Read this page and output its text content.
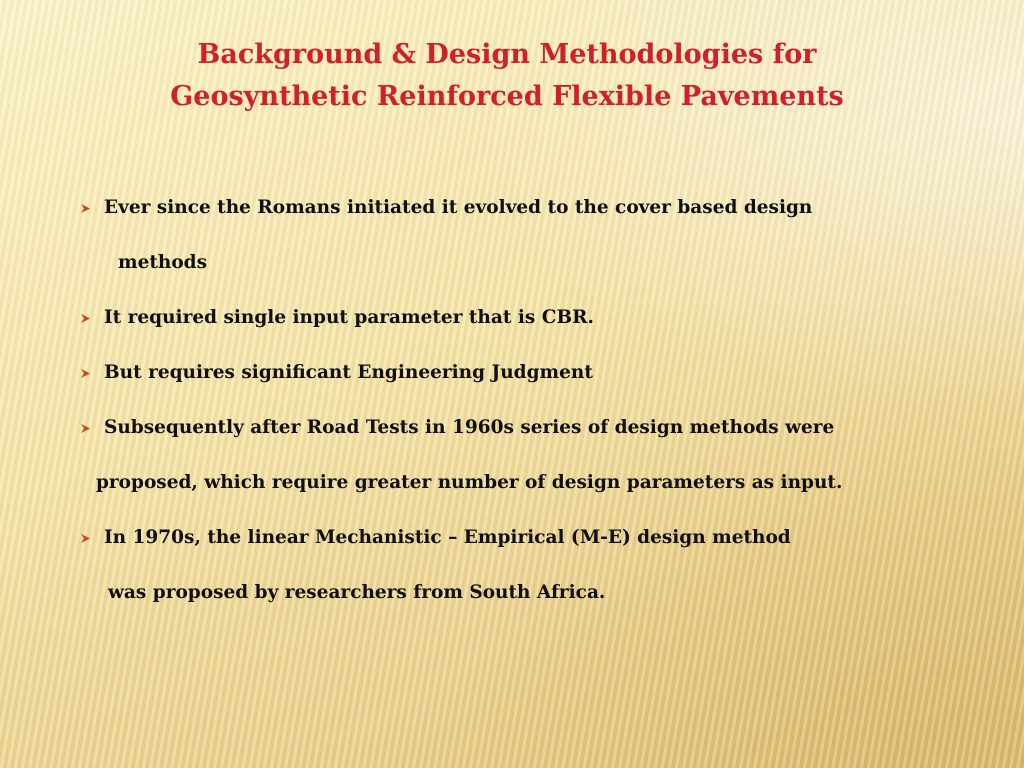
Background & Design Methodologies for
Geosynthetic Reinforced Flexible Pavements
Ever since the Romans initiated it evolved to the cover based design
methods
It required single input parameter that is CBR.
But requires significant Engineering Judgment
Subsequently after Road Tests in 1960s series of design methods were
proposed, which require greater number of design parameters as input.
In 1970s, the linear Mechanistic – Empirical (M-E) design method
was proposed by researchers from South Africa.
